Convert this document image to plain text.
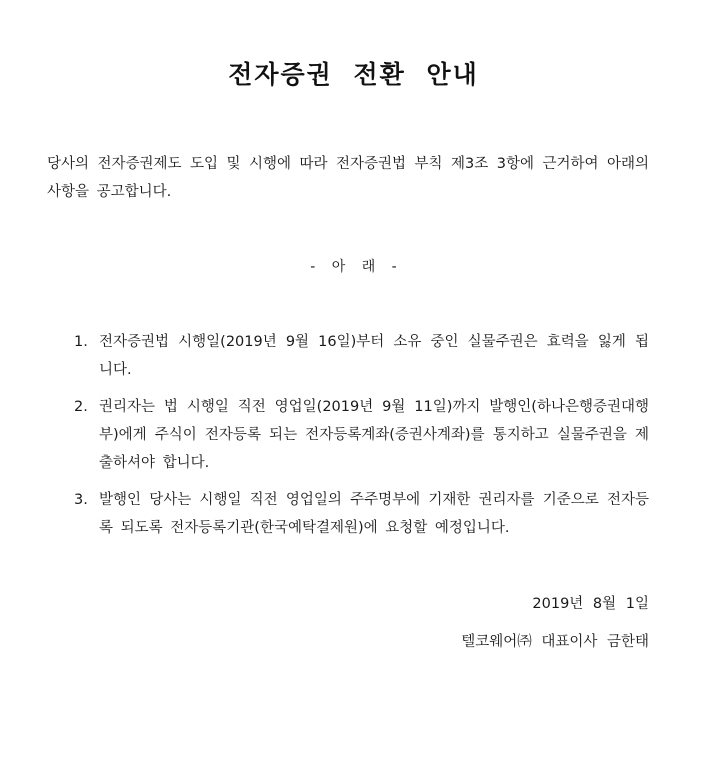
전자증권 전환 안내
당사의 전자증권제도 도입 및 시행에 따라 전자증권법 부칙 제3조 3항에 근거하여 아래의 사항을 공고합니다.
- 아 래 -
1. 전자증권법 시행일(2019년 9월 16일)부터 소유 중인 실물주권은 효력을 잃게 됩니다.
2. 권리자는 법 시행일 직전 영업일(2019년 9월 11일)까지 발행인(하나은행증권대행부)에게 주식이 전자등록 되는 전자등록계좌(증권사계좌)를 통지하고 실물주권을 제출하셔야 합니다.
3. 발행인 당사는 시행일 직전 영업일의 주주명부에 기재한 권리자를 기준으로 전자등록 되도록 전자등록기관(한국예탁결제원)에 요청할 예정입니다.
2019년 8월 1일
텔코웨어㈜ 대표이사 금한태
